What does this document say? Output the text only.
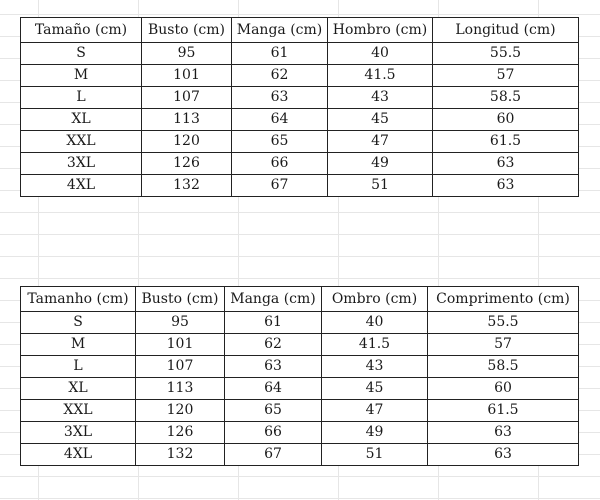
Tamaño (cm)	Busto (cm)	Manga (cm)	Hombro (cm)	Longitud (cm)
S	95	61	40	55.5
M	101	62	41.5	57
L	107	63	43	58.5
XL	113	64	45	60
XXL	120	65	47	61.5
3XL	126	66	49	63
4XL	132	67	51	63
Tamanho (cm)	Busto (cm)	Manga (cm)	Ombro (cm)	Comprimento (cm)
S	95	61	40	55.5
M	101	62	41.5	57
L	107	63	43	58.5
XL	113	64	45	60
XXL	120	65	47	61.5
3XL	126	66	49	63
4XL	132	67	51	63
